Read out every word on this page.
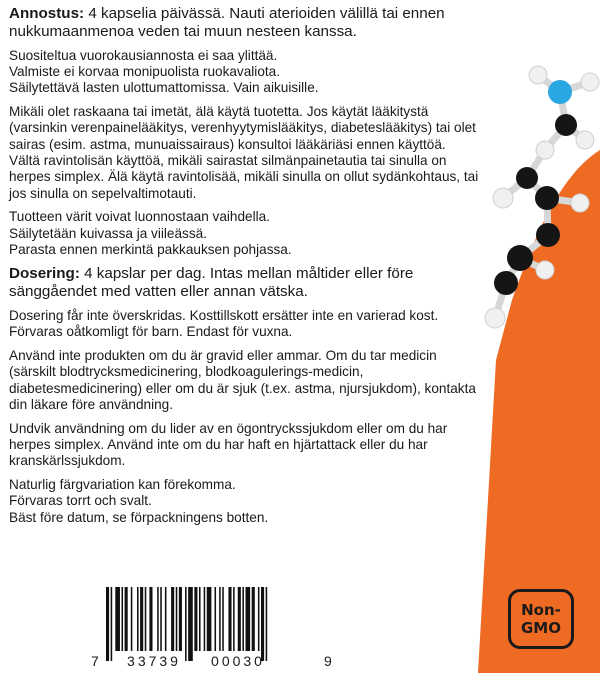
Annostus: 4 kapselia päivässä. Nauti aterioiden välillä tai ennen nukkumaanmenoa veden tai muun nesteen kanssa.

Suositeltua vuorokausiannosta ei saa ylittää.
Valmiste ei korvaa monipuolista ruokavaliota.
Säilytettävä lasten ulottumattomissa. Vain aikuisille.

Mikäli olet raskaana tai imetät, älä käytä tuotetta. Jos käytät lääkitystä (varsinkin verenpainelääkitys, verenhyytymislääkitys, diabeteslääkitys) tai olet sairas (esim. astma, munuaissairaus) konsultoi lääkäriäsi ennen käyttöä.
Vältä ravintolisän käyttöä, mikäli sairastat silmänpainetautia tai sinulla on herpes simplex. Älä käytä ravintolisää, mikäli sinulla on ollut sydänkohtaus, tai jos sinulla on sepelvaltimotauti.

Tuotteen värit voivat luonnostaan vaihdella.
Säilytetään kuivassa ja viileässä.
Parasta ennen merkintä pakkauksen pohjassa.

Dosering: 4 kapslar per dag. Intas mellan måltider eller före sänggåendet med vatten eller annan vätska.

Dosering får inte överskridas. Kosttillskott ersätter inte en varierad kost. Förvaras oåtkomligt för barn. Endast för vuxna.

Använd inte produkten om du är gravid eller ammar. Om du tar medicin (särskilt blodtrycksmedicinering, blodkoagulerings-medicin, diabetesmedicinering) eller om du är sjuk (t.ex. astma, njursjukdom), kontakta din läkare före användning.

Undvik användning om du lider av en ögontryckssjukdom eller om du har herpes simplex. Använd inte om du har haft en hjärtattack eller du har kranskärlssjukdom.

Naturlig färgvariation kan förekomma.
Förvaras torrt och svalt.
Bäst före datum, se förpackningens botten.

7 33739 00030	9
Non-
GMO
